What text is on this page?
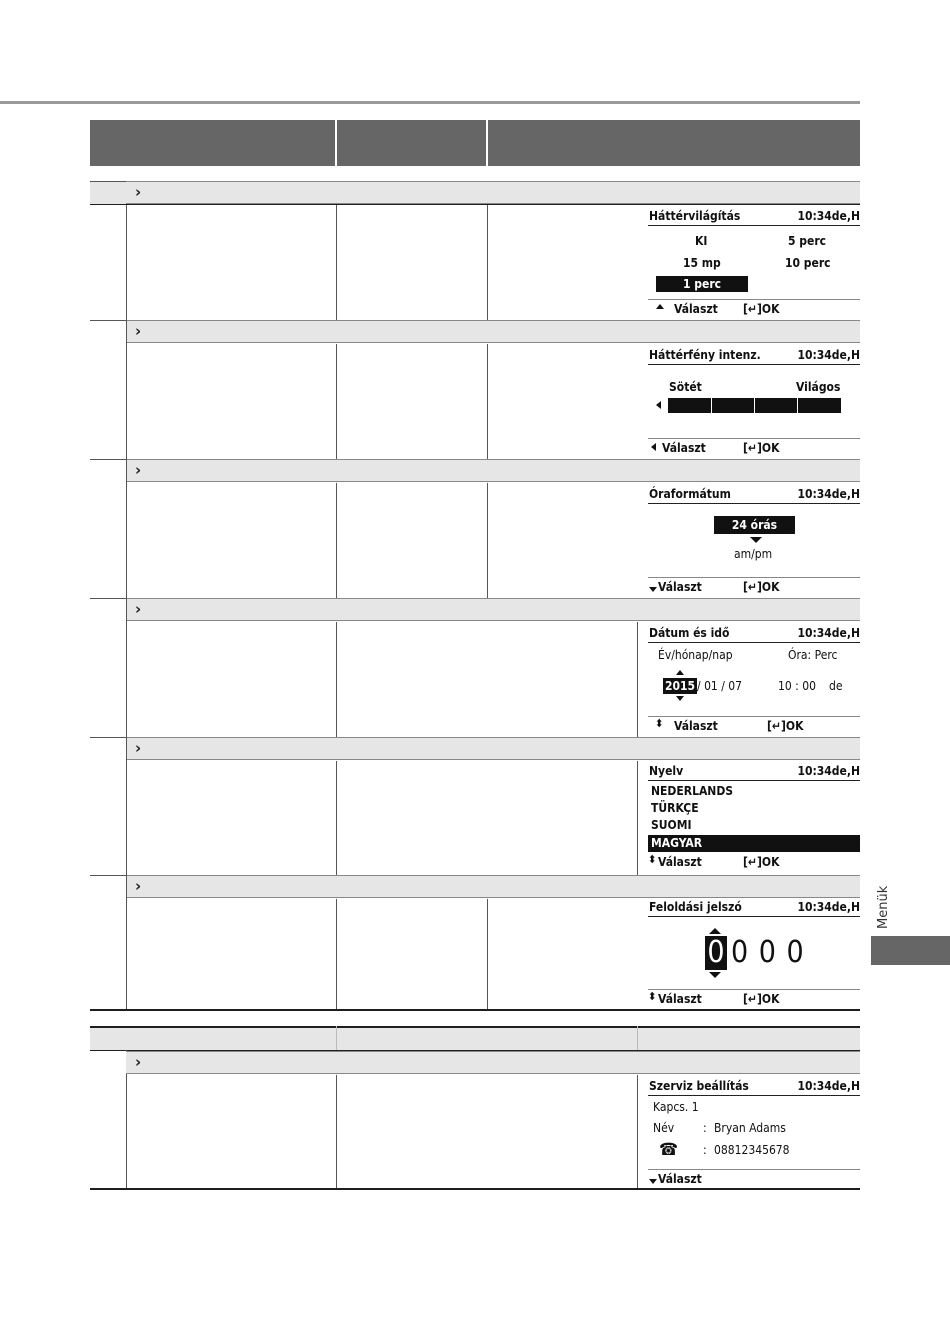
›
›
›
›
›
›
›
Háttérvilágítás	10:34de,H
KI	5 perc
15 mp	10 perc
1 perc
Választ [↵]OK
Háttérfény intenz.	10:34de,H
Sötét	Világos
Választ	[↵]OK
Óraformátum	10:34de,H
24 órás
am/pm
Választ	[↵]OK
Dátum és idő	10:34de,H
Év/hónap/nap	Óra: Perc
2015 / 01 / 07	10 : 00 de
⬍ Választ	[↵]OK
Nyelv	10:34de,H
NEDERLANDS
TÜRKÇE
SUOMI
MAGYAR
⬍ Választ	[↵]OK
Feloldási jelszó	10:34de,H
0 0 0 0
⬍ Választ	[↵]OK
Szerviz beállítás	10:34de,H
Kapcs. 1
Név : Bryan Adams
☎ : 08812345678
Választ
Menük
